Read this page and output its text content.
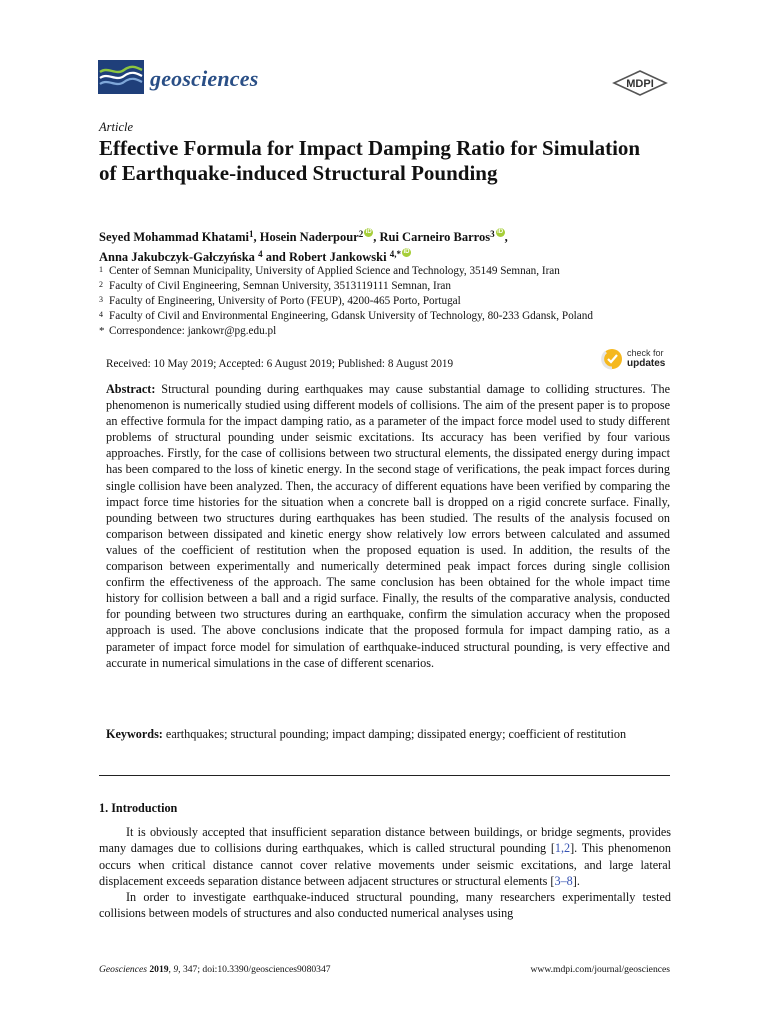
geosciences	MDPI
Article
Effective Formula for Impact Damping Ratio for Simulation of Earthquake-induced Structural Pounding
Seyed Mohammad Khatami$^1$, Hosein Naderpour$^2$ iD , Rui Carneiro Barros$^3$ iD ,
Anna Jakubczyk-Gałczyńska $^4$ and Robert Jankowski $^{4,*}$ iD
1 Center of Semnan Municipality, University of Applied Science and Technology, 35149 Semnan, Iran
2 Faculty of Civil Engineering, Semnan University, 3513119111 Semnan, Iran
3 Faculty of Engineering, University of Porto (FEUP), 4200-465 Porto, Portugal
4 Faculty of Civil and Environmental Engineering, Gdansk University of Technology, 80-233 Gdansk, Poland
* Correspondence: jankowr@pg.edu.pl
Received: 10 May 2019; Accepted: 6 August 2019; Published: 8 August 2019
check for
updates
Abstract: Structural pounding during earthquakes may cause substantial damage to colliding structures. The phenomenon is numerically studied using different models of collisions. The aim of the present paper is to propose an effective formula for the impact damping ratio, as a parameter of the impact force model used to study different problems of structural pounding under seismic excitations. Its accuracy has been verified by four various approaches. Firstly, for the case of collisions between two structural elements, the dissipated energy during impact has been compared to the loss of kinetic energy. In the second stage of verifications, the peak impact forces during single collision have been analyzed. Then, the accuracy of different equations have been verified by comparing the impact force time histories for the situation when a concrete ball is dropped on a rigid concrete surface. Finally, pounding between two structures during earthquakes has been studied. The results of the analysis focused on comparison between dissipated and kinetic energy show relatively low errors between calculated and assumed values of the coefficient of restitution when the proposed equation is used. In addition, the results of the comparison between experimentally and numerically determined peak impact forces during single collision confirm the effectiveness of the approach. The same conclusion has been obtained for the whole impact time history for collision between a ball and a rigid surface. Finally, the results of the comparative analysis, conducted for pounding between two structures during an earthquake, confirm the simulation accuracy when the proposed approach is used. The above conclusions indicate that the proposed formula for impact damping ratio, as a parameter of impact force model for simulation of earthquake-induced structural pounding, is very effective and accurate in numerical simulations in the case of different scenarios.
Keywords: earthquakes; structural pounding; impact damping; dissipated energy; coefficient of restitution
1. Introduction

It is obviously accepted that insufficient separation distance between buildings, or bridge segments, provides many damages due to collisions during earthquakes, which is called structural pounding [1,2]. This phenomenon occurs when critical distance cannot cover relative movements under seismic excitations, and large lateral displacement exceeds separation distance between adjacent structures or structural elements [3–8].

In order to investigate earthquake-induced structural pounding, many researchers experimentally tested collisions between models of structures and also conducted numerical analyses using

Geosciences 2019, 9, 347; doi:10.3390/geosciences9080347	www.mdpi.com/journal/geosciences
